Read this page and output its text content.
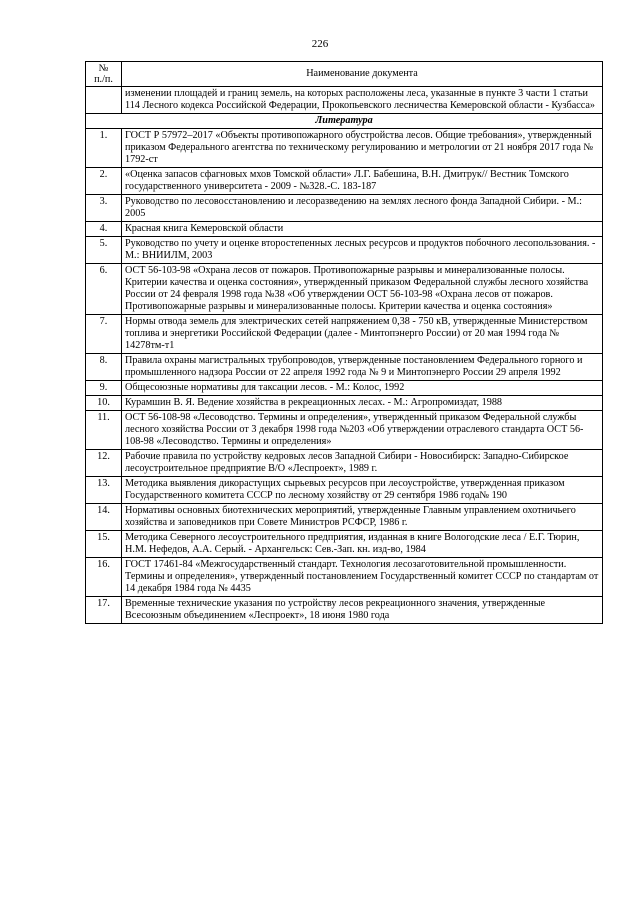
226
№
п./п.	Наименование документа
	изменении площадей и границ земель, на которых расположены леса, указанные в пункте 3 части 1 статьи 114 Лесного кодекса Российской Федерации, Прокопьевского лесничества Кемеровской области - Кузбасса»
Литература	
1.	ГОСТ Р 57972–2017 «Объекты противопожарного обустройства лесов. Общие требования», утвержденный приказом Федерального агентства по техническому регулированию и метрологии от 21 ноября 2017 года № 1792-ст
2.	«Оценка запасов сфагновых мхов Томской области» Л.Г. Бабешина, В.Н. Дмитрук// Вестник Томского государственного университета - 2009 - №328.-С. 183-187
3.	Руководство по лесовосстановлению и лесоразведению на землях лесного фонда Западной Сибири. - М.: 2005
4.	Красная книга Кемеровской области
5.	Руководство по учету и оценке второстепенных лесных ресурсов и продуктов побочного лесопользования. - М.: ВНИИЛМ, 2003
6.	ОСТ 56-103-98 «Охрана лесов от пожаров. Противопожарные разрывы и минерализованные полосы. Критерии качества и оценка состояния», утвержденный приказом Федеральной службы лесного хозяйства России от 24 февраля 1998 года №38 «Об утверждении ОСТ 56-103-98 «Охрана лесов от пожаров. Противопожарные разрывы и минерализованные полосы. Критерии качества и оценка состояния»
7.	Нормы отвода земель для электрических сетей напряжением 0,38 - 750 кВ, утвержденные Министерством топлива и энергетики Российской Федерации (далее - Минтопэнерго России) от 20 мая 1994 года № 14278тм-т1
8.	Правила охраны магистральных трубопроводов, утвержденные постановлением Федерального горного и промышленного надзора России от 22 апреля 1992 года № 9 и Минтопэнерго России 29 апреля 1992
9.	Общесоюзные нормативы для таксации лесов. - М.: Колос, 1992
10.	Курамшин В. Я. Ведение хозяйства в рекреационных лесах. - М.: Агропромиздат, 1988
11.	ОСТ 56-108-98 «Лесоводство. Термины и определения», утвержденный приказом Федеральной службы лесного хозяйства России от 3 декабря 1998 года №203 «Об утверждении отраслевого стандарта ОСТ 56-108-98 «Лесоводство. Термины и определения»
12.	Рабочие правила по устройству кедровых лесов Западной Сибири - Новосибирск: Западно-Сибирское лесоустроительное предприятие В/О «Леспроект», 1989 г.
13.	Методика выявления дикорастущих сырьевых ресурсов при лесоустройстве, утвержденная приказом Государственного комитета СССР по лесному хозяйству от 29 сентября 1986 года№ 190
14.	Нормативы основных биотехнических мероприятий, утвержденные Главным управлением охотничьего хозяйства и заповедников при Совете Министров РСФСР, 1986 г.
15.	Методика Северного лесоустроительного предприятия, изданная в книге Вологодские леса / Е.Г. Тюрин, Н.М. Нефедов, А.А. Серый. - Архангельск: Сев.-Зап. кн. изд-во, 1984
16.	ГОСТ 17461-84 «Межгосударственный стандарт. Технология лесозаготовительной промышленности. Термины и определения», утвержденный постановлением Государственный комитет СССР по стандартам от 14 декабря 1984 года № 4435
17.	Временные технические указания по устройству лесов рекреационного значения, утвержденные Всесоюзным объединением «Леспроект», 18 июня 1980 года
